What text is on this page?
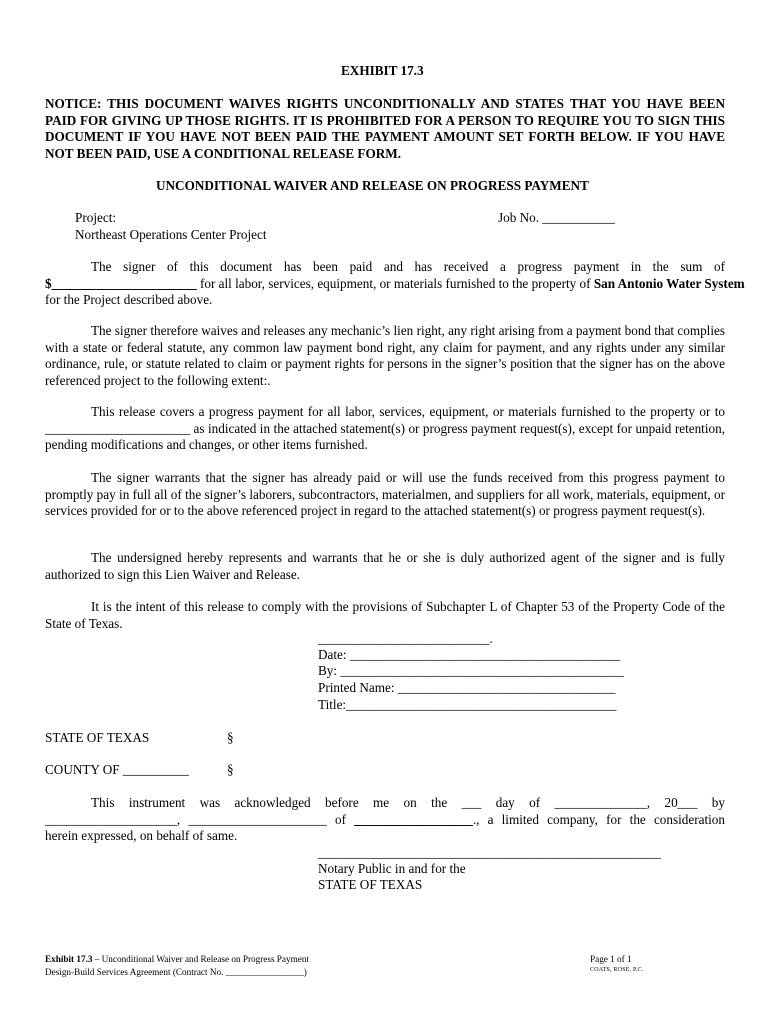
EXHIBIT 17.3
NOTICE: THIS DOCUMENT WAIVES RIGHTS UNCONDITIONALLY AND STATES THAT YOU HAVE BEEN PAID FOR GIVING UP THOSE RIGHTS. IT IS PROHIBITED FOR A PERSON TO REQUIRE YOU TO SIGN THIS DOCUMENT IF YOU HAVE NOT BEEN PAID THE PAYMENT AMOUNT SET FORTH BELOW. IF YOU HAVE NOT BEEN PAID, USE A CONDITIONAL RELEASE FORM.
UNCONDITIONAL WAIVER AND RELEASE ON PROGRESS PAYMENT
Project:
Northeast Operations Center Project
Job No. ___________
The signer of this document has been paid and has received a progress payment in the sum of
$______________________ for all labor, services, equipment, or materials furnished to the property of San Antonio Water System
for the Project described above.
The signer therefore waives and releases any mechanic’s lien right, any right arising from a payment bond that complies with a state or federal statute, any common law payment bond right, any claim for payment, and any rights under any similar ordinance, rule, or statute related to claim or payment rights for persons in the signer’s position that the signer has on the above referenced project to the following extent:.
This release covers a progress payment for all labor, services, equipment, or materials furnished to the property or to ______________________ as indicated in the attached statement(s) or progress payment request(s), except for unpaid retention, pending modifications and changes, or other items furnished.
The signer warrants that the signer has already paid or will use the funds received from this progress payment to promptly pay in full all of the signer’s laborers, subcontractors, materialmen, and suppliers for all work, materials, equipment, or services provided for or to the above referenced project in regard to the attached statement(s) or progress payment request(s).
The undersigned hereby represents and warrants that he or she is duly authorized agent of the signer and is fully authorized to sign this Lien Waiver and Release.
It is the intent of this release to comply with the provisions of Subchapter L of Chapter 53 of the Property Code of the State of Texas.
__________________________.
Date: _________________________________________
By: ___________________________________________
Printed Name: _________________________________
Title:_________________________________________
STATE OF TEXAS	§
COUNTY OF __________	§
This instrument was acknowledged before me on the ___ day of ______________, 20___ by
____________________, _____________________ of __________________., a limited company, for the consideration
herein expressed, on behalf of same.
____________________________________________________
Notary Public in and for the
STATE OF TEXAS
Exhibit 17.3 – Unconditional Waiver and Release on Progress Payment
Design-Build Services Agreement (Contract No. _________________)
Page 1 of 1
COATS, ROSE, P.C.
